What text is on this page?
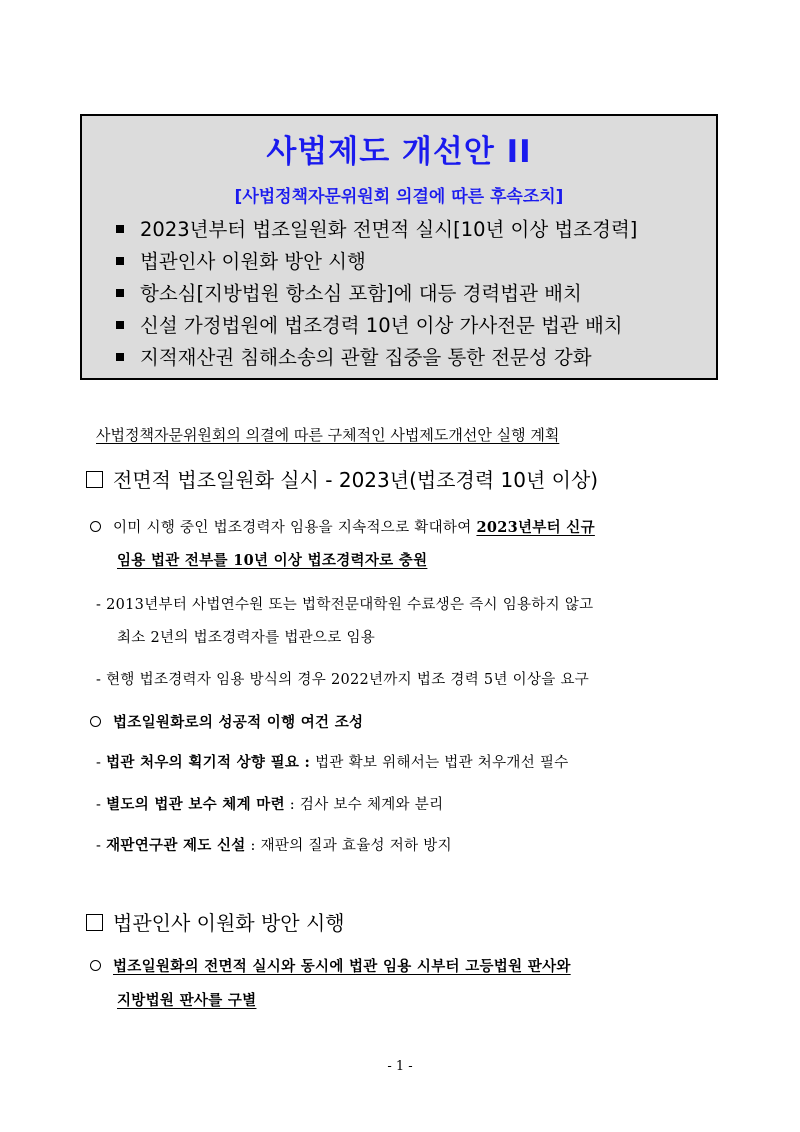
사법제도 개선안 II
[사법정책자문위원회 의결에 따른 후속조치]
2023년부터 법조일원화 전면적 실시[10년 이상 법조경력]
법관인사 이원화 방안 시행
항소심[지방법원 항소심 포함]에 대등 경력법관 배치
신설 가정법원에 법조경력 10년 이상 가사전문 법관 배치
지적재산권 침해소송의 관할 집중을 통한 전문성 강화
사법정책자문위원회의 의결에 따른 구체적인 사법제도개선안 실행 계획
전면적 법조일원화 실시 - 2023년(법조경력 10년 이상)
이미 시행 중인 법조경력자 임용을 지속적으로 확대하여 2023년부터 신규
임용 법관 전부를 10년 이상 법조경력자로 충원
- 2013년부터 사법연수원 또는 법학전문대학원 수료생은 즉시 임용하지 않고
최소 2년의 법조경력자를 법관으로 임용
- 현행 법조경력자 임용 방식의 경우 2022년까지 법조 경력 5년 이상을 요구
법조일원화로의 성공적 이행 여건 조성
- 법관 처우의 획기적 상향 필요 : 법관 확보 위해서는 법관 처우개선 필수
- 별도의 법관 보수 체계 마련 : 검사 보수 체계와 분리
- 재판연구관 제도 신설 : 재판의 질과 효율성 저하 방지
법관인사 이원화 방안 시행
법조일원화의 전면적 실시와 동시에 법관 임용 시부터 고등법원 판사와
지방법원 판사를 구별
- 1 -
